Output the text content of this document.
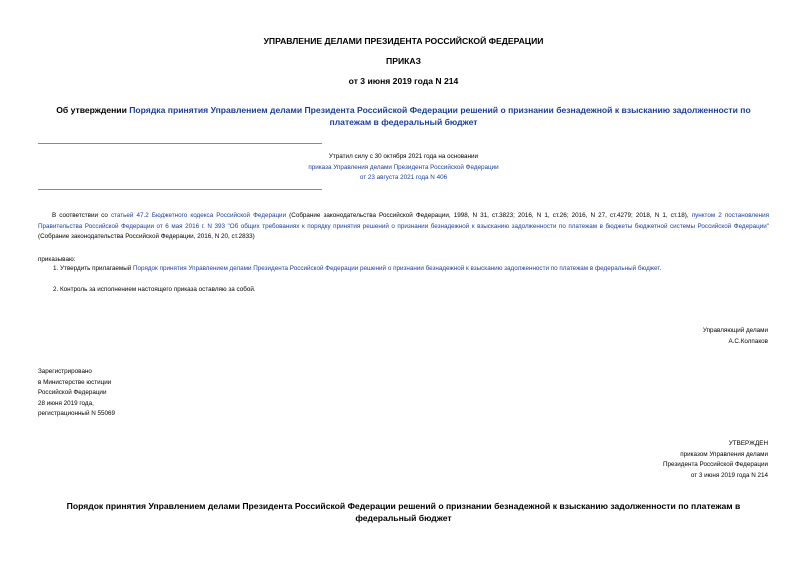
УПРАВЛЕНИЕ ДЕЛАМИ ПРЕЗИДЕНТА РОССИЙСКОЙ ФЕДЕРАЦИИ
ПРИКАЗ
от 3 июня 2019 года N 214
Об утверждении Порядка принятия Управлением делами Президента Российской Федерации решений о признании безнадежной к взысканию задолженности по платежам в федеральный бюджет

Утратил силу с 30 октября 2021 года на основании

приказа Управления делами Президента Российской Федерации

от 23 августа 2021 года N 406

В соответствии со статьей 47.2 Бюджетного кодекса Российской Федерации (Собрание законодательства Российской Федерации, 1998, N 31, ст.3823; 2016, N 1, ст.26; 2016, N 27, ст.4279; 2018, N 1, ст.18), пунктом 2 постановления Правительства Российской Федерации от 6 мая 2016 г. N 393 "Об общих требованиях к порядку принятия решений о признании безнадежной к взысканию задолженности по платежам в бюджеты бюджетной системы Российской Федерации" (Собрание законодательства Российской Федерации, 2016, N 20, ст.2833)
приказываю:
1. Утвердить прилагаемый Порядок принятия Управлением делами Президента Российской Федерации решений о признании безнадежной к взысканию задолженности по платежам в федеральный бюджет.
2. Контроль за исполнением настоящего приказа оставляю за собой.

Управляющий делами

А.С.Колпаков

Зарегистрировано

в Министерстве юстиции

Российской Федерации

28 июня 2019 года,

регистрационный N 55069

УТВЕРЖДЕН

приказом Управления делами

Президента Российской Федерации

от 3 июня 2019 года N 214

Порядок принятия Управлением делами Президента Российской Федерации решений о признании безнадежной к взысканию задолженности по платежам в федеральный бюджет
